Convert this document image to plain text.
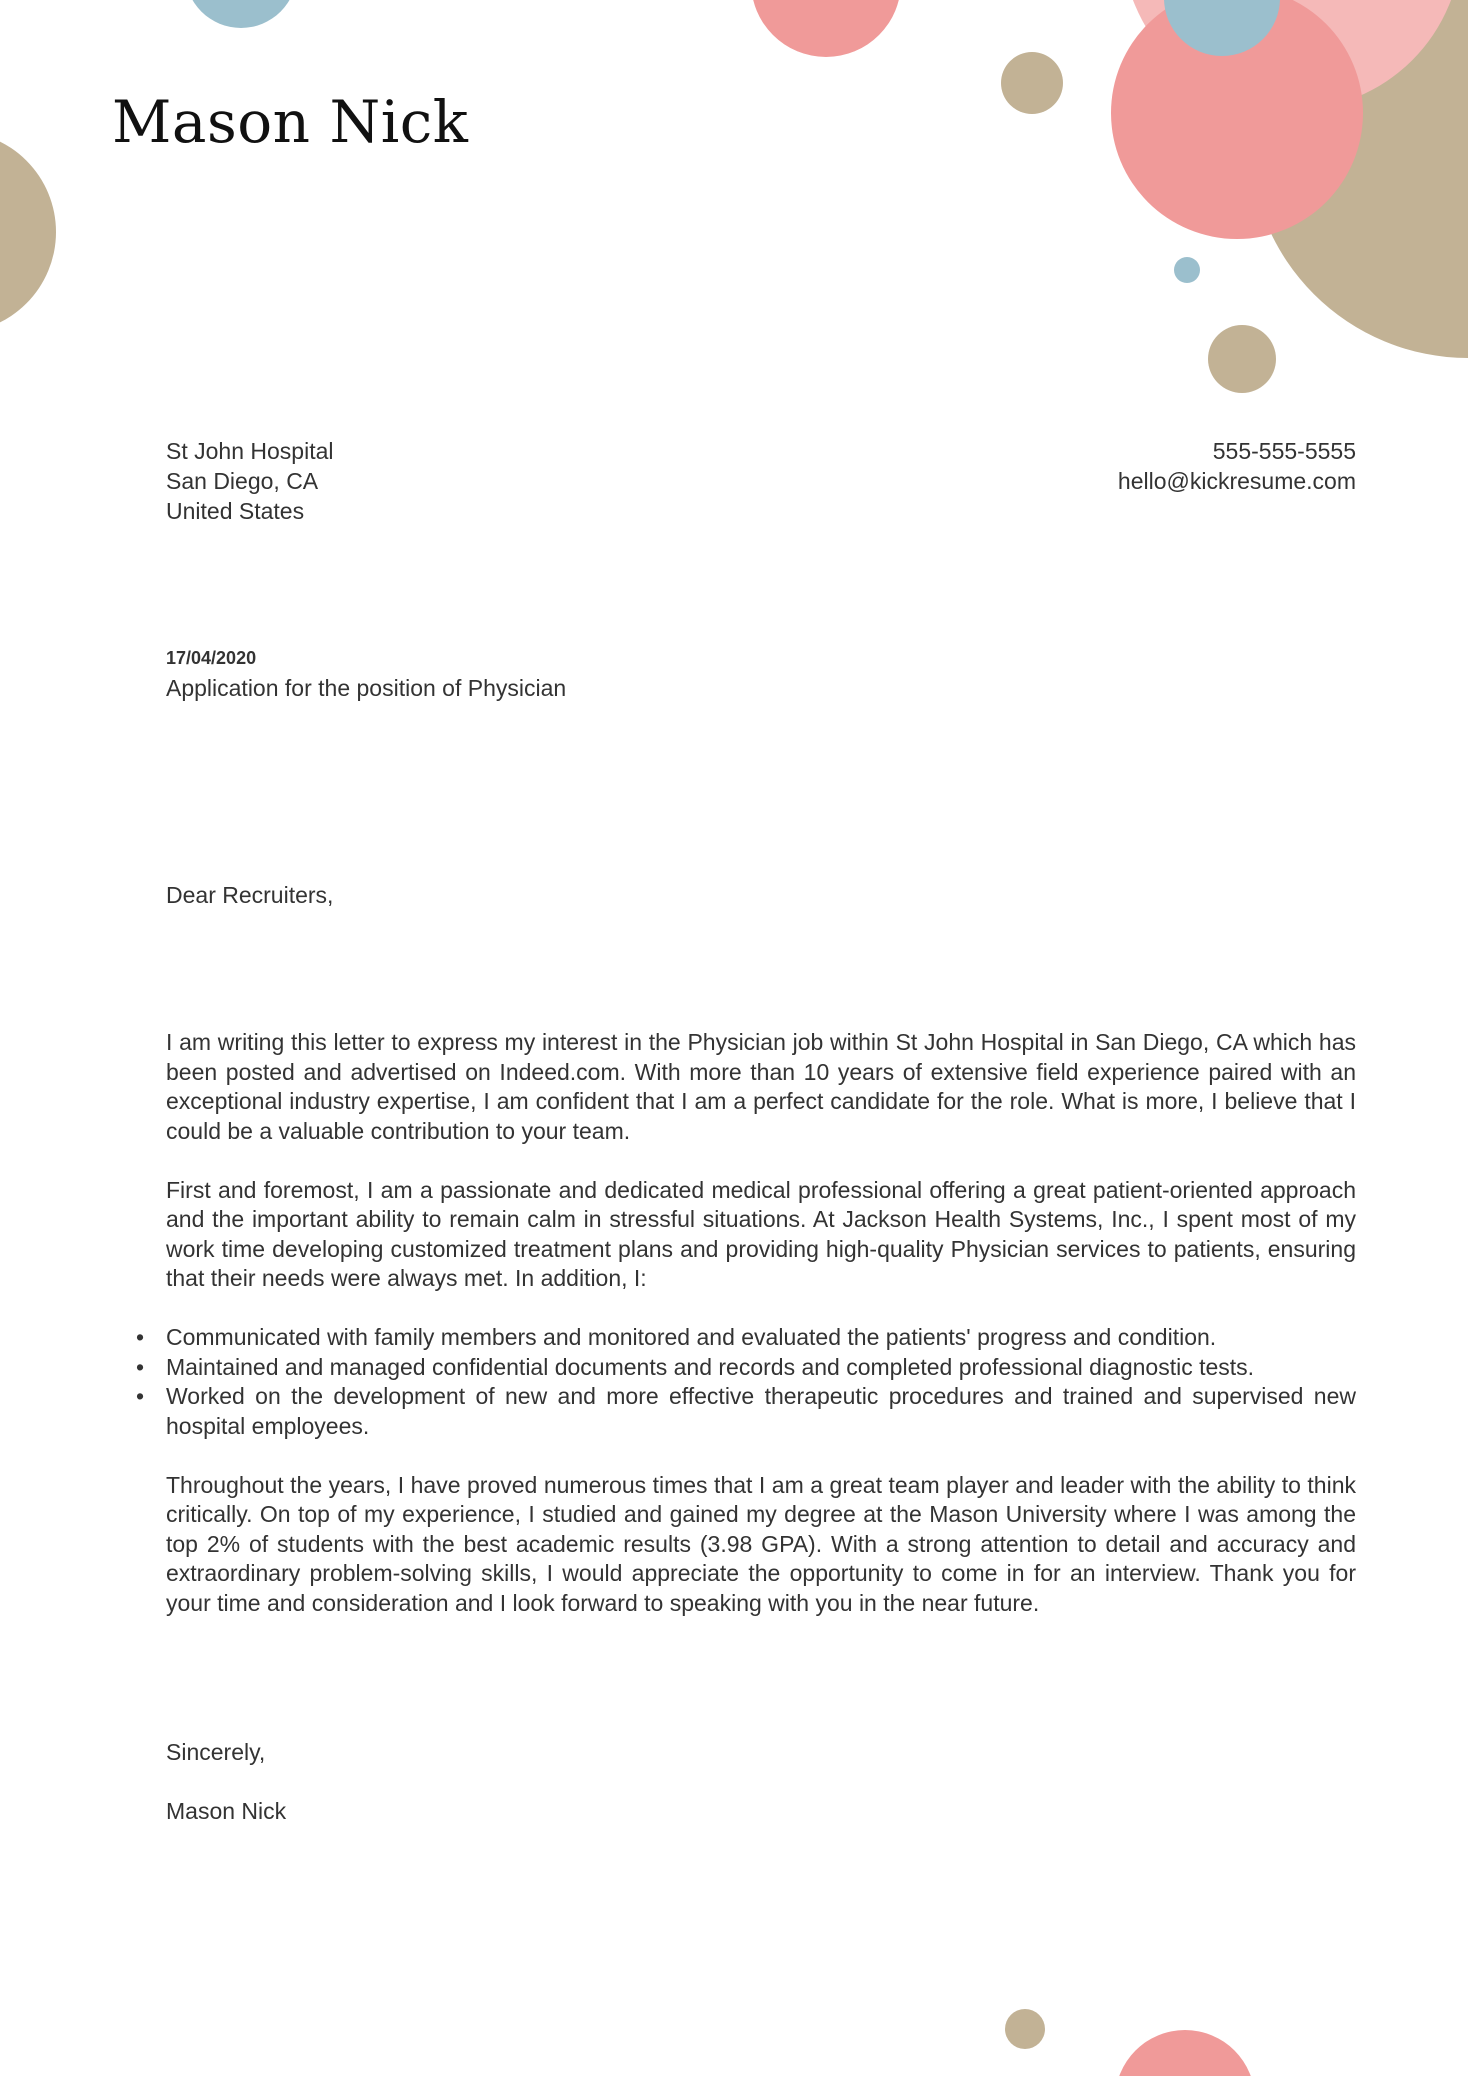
Mason Nick
St John Hospital
San Diego, CA
United States
555-555-5555
hello@kickresume.com
17/04/2020
Application for the position of Physician
Dear Recruiters,

I am writing this letter to express my interest in the Physician job within St John Hospital in San Diego, CA which has been posted and advertised on Indeed.com. With more than 10 years of extensive field experience paired with an exceptional industry expertise, I am confident that I am a perfect candidate for the role. What is more, I believe that I could be a valuable contribution to your team.

First and foremost, I am a passionate and dedicated medical professional offering a great patient-oriented approach and the important ability to remain calm in stressful situations. At Jackson Health Systems, Inc., I spent most of my work time developing customized treatment plans and providing high-quality Physician services to patients, ensuring that their needs were always met. In addition, I:

• Communicated with family members and monitored and evaluated the patients' progress and condition.
• Maintained and managed confidential documents and records and completed professional diagnostic tests.
• Worked on the development of new and more effective therapeutic procedures and trained and supervised new hospital employees.

Throughout the years, I have proved numerous times that I am a great team player and leader with the ability to think critically. On top of my experience, I studied and gained my degree at the Mason University where I was among the top 2% of students with the best academic results (3.98 GPA). With a strong attention to detail and accuracy and extraordinary problem-solving skills, I would appreciate the opportunity to come in for an interview. Thank you for your time and consideration and I look forward to speaking with you in the near future.

Sincerely,
Mason Nick
